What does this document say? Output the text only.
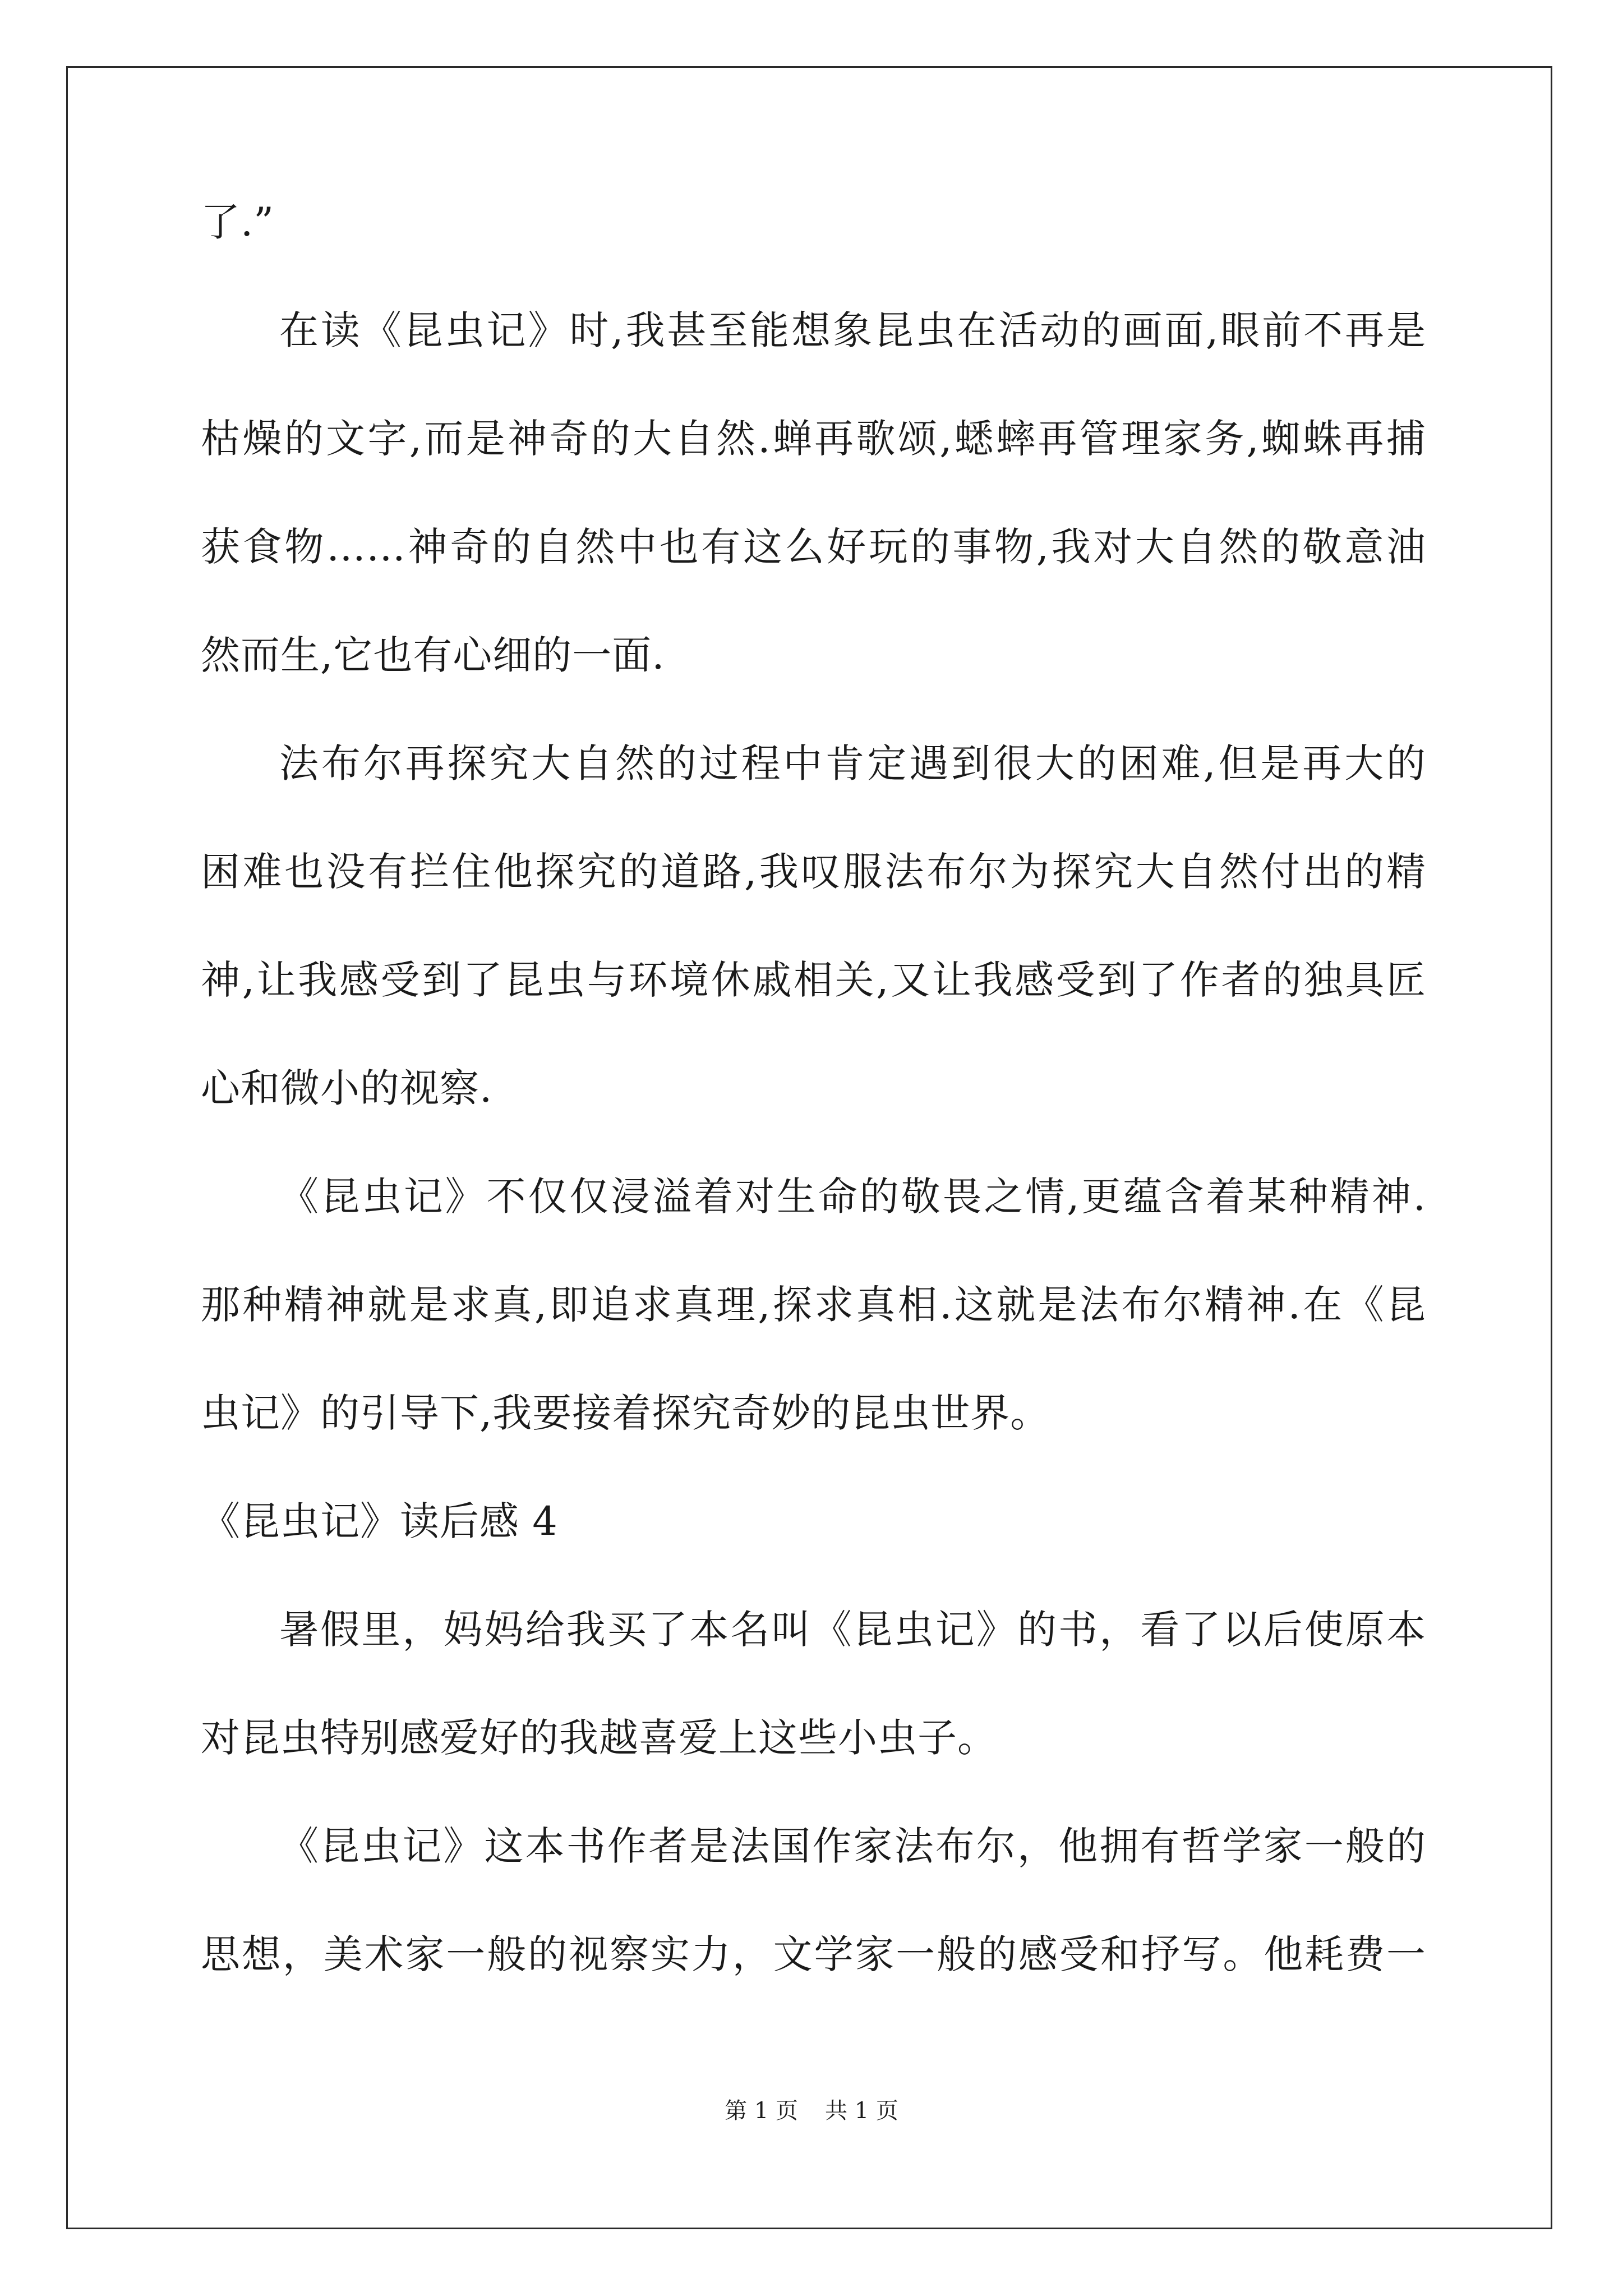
了.”
在读《昆虫记》时,我甚至能想象昆虫在活动的画面,眼前不再是
枯燥的文字,而是神奇的大自然.蝉再歌颂,蟋蟀再管理家务,蜘蛛再捕
获食物……神奇的自然中也有这么好玩的事物,我对大自然的敬意油
然而生,它也有心细的一面.
法布尔再探究大自然的过程中肯定遇到很大的困难,但是再大的
困难也没有拦住他探究的道路,我叹服法布尔为探究大自然付出的精
神,让我感受到了昆虫与环境休戚相关,又让我感受到了作者的独具匠
心和微小的视察.
《昆虫记》不仅仅浸溢着对生命的敬畏之情,更蕴含着某种精神.
那种精神就是求真,即追求真理,探求真相.这就是法布尔精神.在《昆
虫记》的引导下,我要接着探究奇妙的昆虫世界。
《昆虫记》读后感 4
暑假里，妈妈给我买了本名叫《昆虫记》的书，看了以后使原本
对昆虫特别感爱好的我越喜爱上这些小虫子。
《昆虫记》这本书作者是法国作家法布尔，他拥有哲学家一般的
思想，美术家一般的视察实力，文学家一般的感受和抒写。他耗费一
第 1 页 共 1 页
